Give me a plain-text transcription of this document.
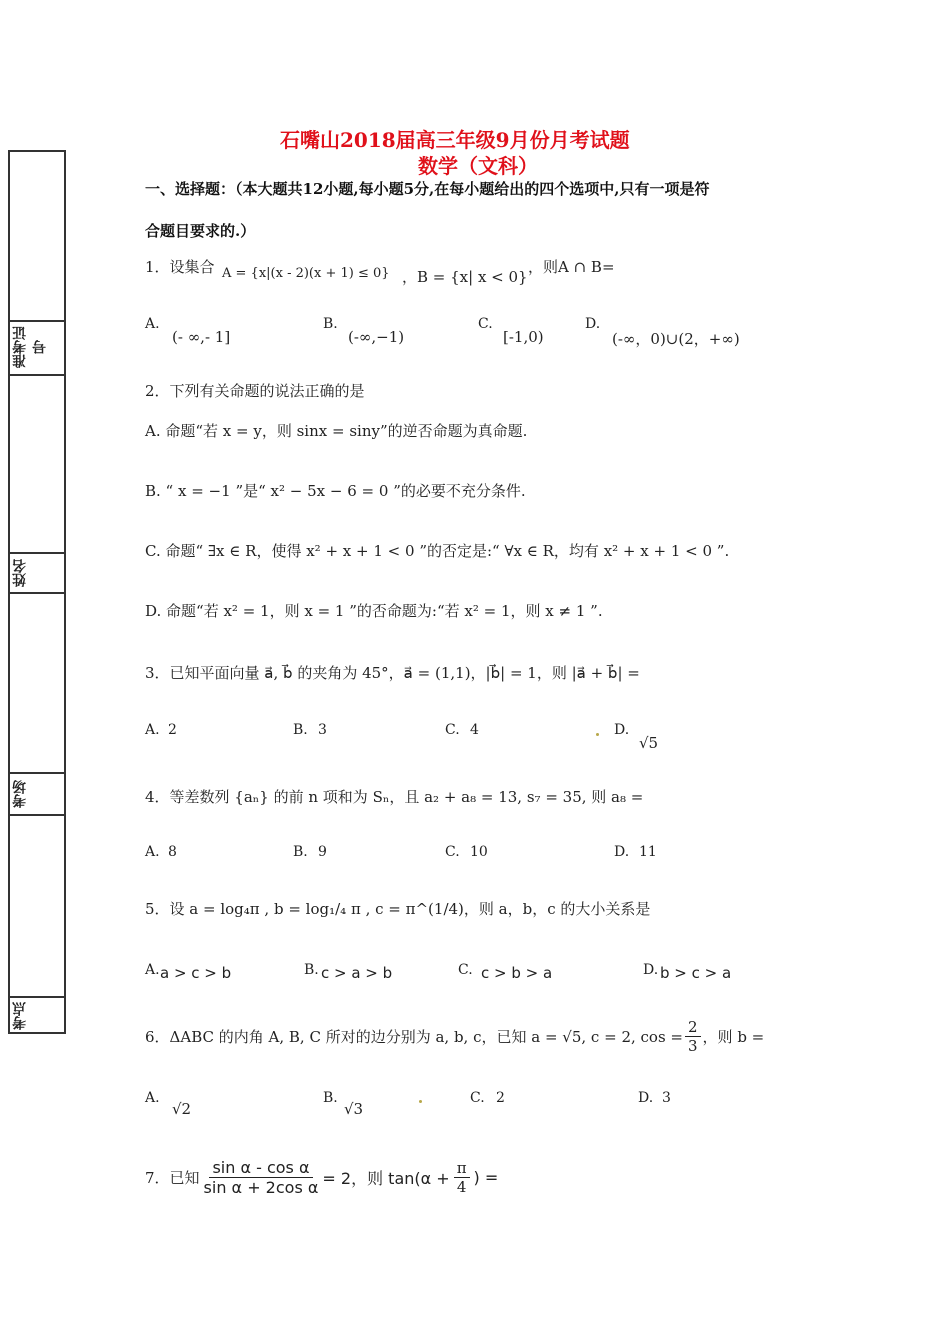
准考证号
姓名
考场
考点
石嘴山2018届高三年级9月份月考试题
数学（文科）
一、选择题：（本大题共12小题,每小题5分,在每小题给出的四个选项中,只有一项是符
合题目要求的.）
1．设集合 A = {x|(x - 2)(x + 1) ≤ 0} ，B = {x| x < 0}
，则A ∩ B=
A.
(- ∞,- 1]
B.
(-∞,−1)
C.
[-1,0)
D.
(-∞，0)∪(2，+∞)
2．下列有关命题的说法正确的是
A. 命题“若 x = y，则 sinx = siny”的逆否命题为真命题.
B. “ x = −1 ”是“ x² − 5x − 6 = 0 ”的必要不充分条件.
C. 命题“ ∃x ∈ R，使得 x² + x + 1 < 0 ”的否定是:“ ∀x ∈ R，均有 x² + x + 1 < 0 ”.
D. 命题“若 x² = 1，则 x = 1 ”的否命题为:“若 x² = 1，则 x ≠ 1 ”.
3．已知平面向量 a⃗, b⃗ 的夹角为 45°，a⃗ = (1,1)，|b⃗| = 1，则 |a⃗ + b⃗| =
A. 2	B. 3	C. 4	D.
√5
4．等差数列 {aₙ} 的前 n 项和为 Sₙ，且 a₂ + a₈ = 13, s₇ = 35, 则 a₈ =
A. 8	B. 9	C. 10	D. 11
5．设 a = log₄π , b = log₁/₄ π , c = π^(1/4)，则 a，b，c 的大小关系是
A. a > c > b	B. c > a > b	C. c > b > a	D. b > c > a
6．ΔABC 的内角 A, B, C 所对的边分别为 a, b, c，已知 a = √5, c = 2, $\cos = \frac{2}{3}$ ，则 b =
A.
√2
B.
√3
C. 2	D. 3
7．已知 $\frac{\text{sin α - cos α}}{\text{sin α + 2cos α}} = 2$，则 $\tan(\alpha + \frac{\pi}{4}$ ) =
